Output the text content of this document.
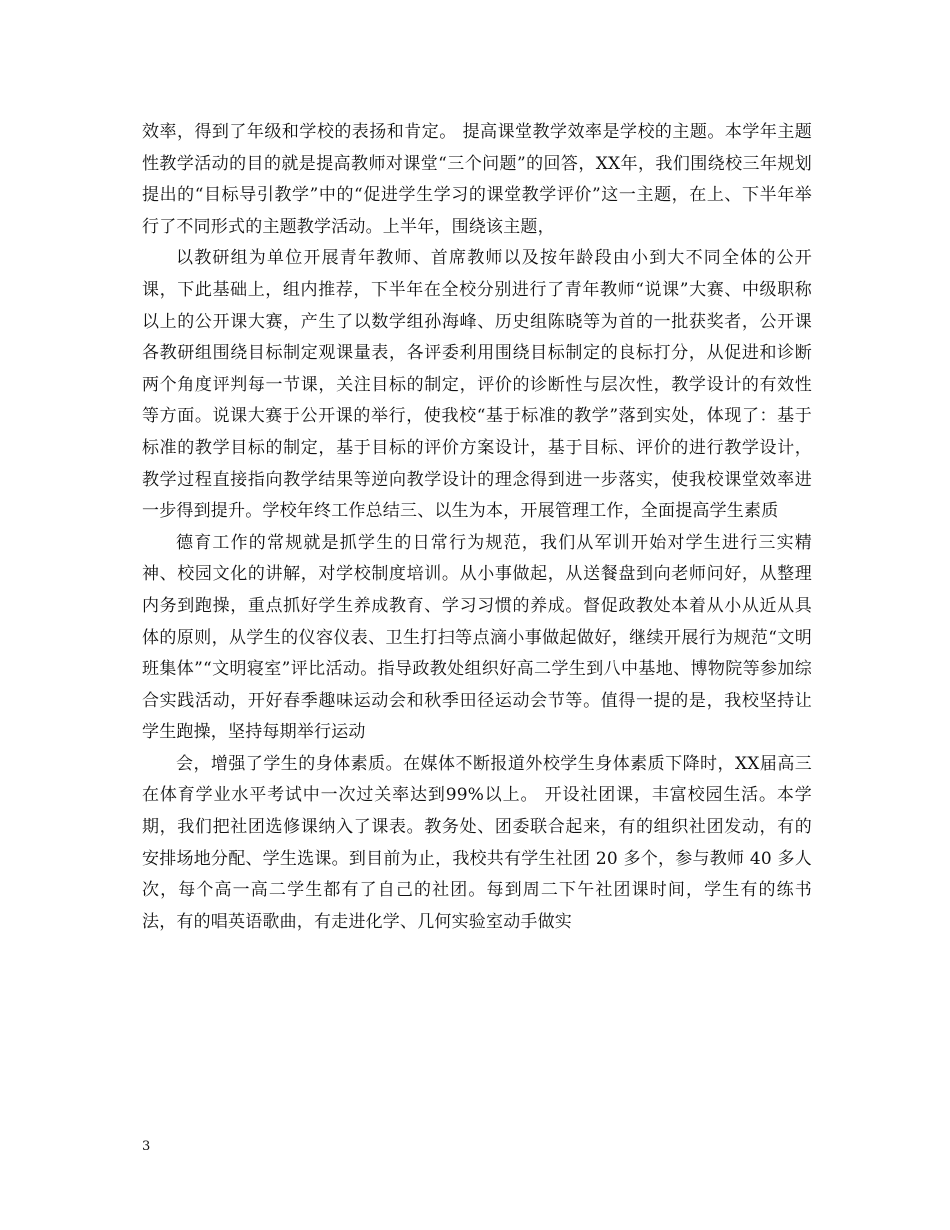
效率，得到了年级和学校的表扬和肯定。 提高课堂教学效率是学校的主题。本学年主题性教学活动的目的就是提高教师对课堂“三个问题”的回答，XX年，我们围绕校三年规划提出的“目标导引教学”中的“促进学生学习的课堂教学评价”这一主题，在上、下半年举行了不同形式的主题教学活动。上半年，围绕该主题，

以教研组为单位开展青年教师、首席教师以及按年龄段由小到大不同全体的公开课，下此基础上，组内推荐，下半年在全校分别进行了青年教师“说课”大赛、中级职称以上的公开课大赛，产生了以数学组孙海峰、历史组陈晓等为首的一批获奖者，公开课各教研组围绕目标制定观课量表，各评委利用围绕目标制定的良标打分，从促进和诊断两个角度评判每一节课，关注目标的制定，评价的诊断性与层次性，教学设计的有效性等方面。说课大赛于公开课的举行，使我校“基于标准的教学”落到实处，体现了：基于标准的教学目标的制定，基于目标的评价方案设计，基于目标、评价的进行教学设计，教学过程直接指向教学结果等逆向教学设计的理念得到进一步落实，使我校课堂效率进一步得到提升。学校年终工作总结三、以生为本，开展管理工作，全面提高学生素质

德育工作的常规就是抓学生的日常行为规范，我们从军训开始对学生进行三实精神、校园文化的讲解，对学校制度培训。从小事做起，从送餐盘到向老师问好，从整理内务到跑操，重点抓好学生养成教育、学习习惯的养成。督促政教处本着从小从近从具体的原则，从学生的仪容仪表、卫生打扫等点滴小事做起做好，继续开展行为规范“文明班集体”“文明寝室”评比活动。指导政教处组织好高二学生到八中基地、博物院等参加综合实践活动，开好春季趣味运动会和秋季田径运动会节等。值得一提的是，我校坚持让学生跑操，坚持每期举行运动

会，增强了学生的身体素质。在媒体不断报道外校学生身体素质下降时，XX届高三在体育学业水平考试中一次过关率达到99%以上。 开设社团课，丰富校园生活。本学期，我们把社团选修课纳入了课表。教务处、团委联合起来，有的组织社团发动，有的安排场地分配、学生选课。到目前为止，我校共有学生社团 20 多个，参与教师 40 多人次，每个高一高二学生都有了自己的社团。每到周二下午社团课时间，学生有的练书法，有的唱英语歌曲，有走进化学、几何实验室动手做实

3
